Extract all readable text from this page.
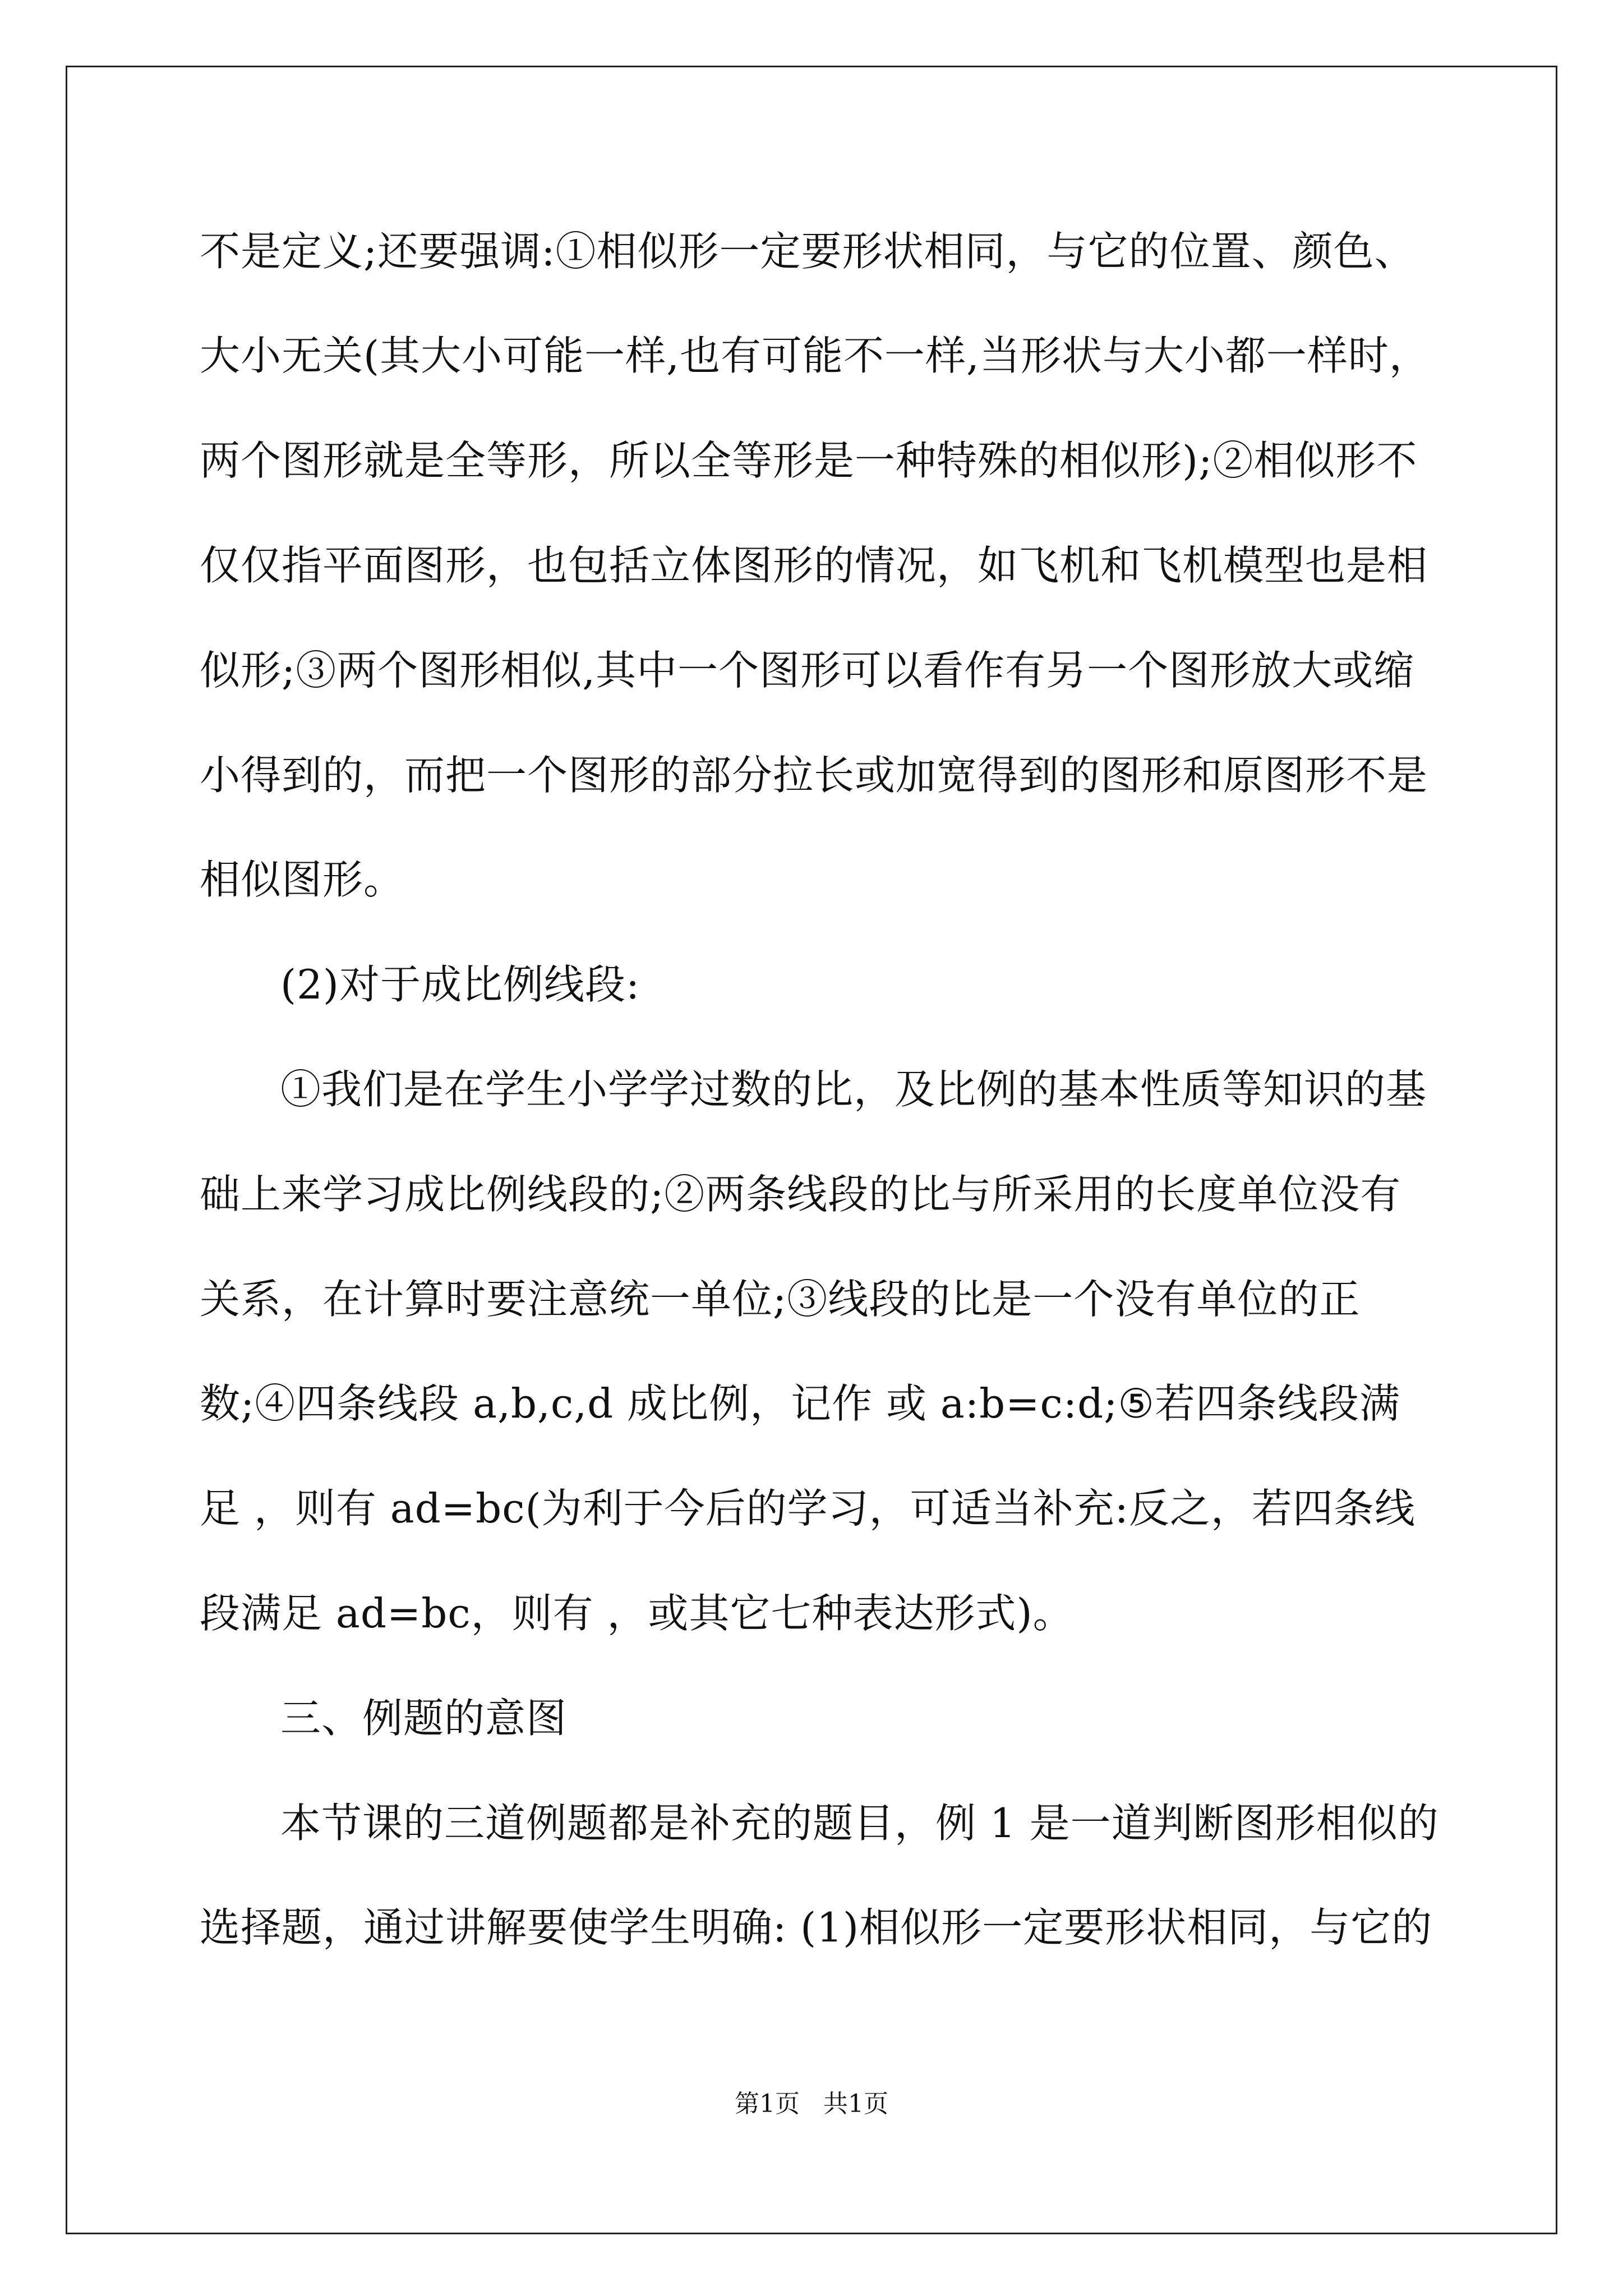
不是定义;还要强调:①相似形一定要形状相同，与它的位置、颜色、
大小无关(其大小可能一样,也有可能不一样,当形状与大小都一样时，
两个图形就是全等形，所以全等形是一种特殊的相似形);②相似形不
仅仅指平面图形，也包括立体图形的情况，如飞机和飞机模型也是相
似形;③两个图形相似,其中一个图形可以看作有另一个图形放大或缩
小得到的，而把一个图形的部分拉长或加宽得到的图形和原图形不是
相似图形。
(2)对于成比例线段:
①我们是在学生小学学过数的比，及比例的基本性质等知识的基
础上来学习成比例线段的;②两条线段的比与所采用的长度单位没有
关系，在计算时要注意统一单位;③线段的比是一个没有单位的正
数;④四条线段 a,b,c,d 成比例，记作 或 a:b=c:d;⑤若四条线段满
足 ，则有 ad=bc(为利于今后的学习，可适当补充:反之，若四条线
段满足 ad=bc，则有 ，或其它七种表达形式)。
三、例题的意图
本节课的三道例题都是补充的题目，例 1 是一道判断图形相似的
选择题，通过讲解要使学生明确: (1)相似形一定要形状相同，与它的
第1页 共1页
